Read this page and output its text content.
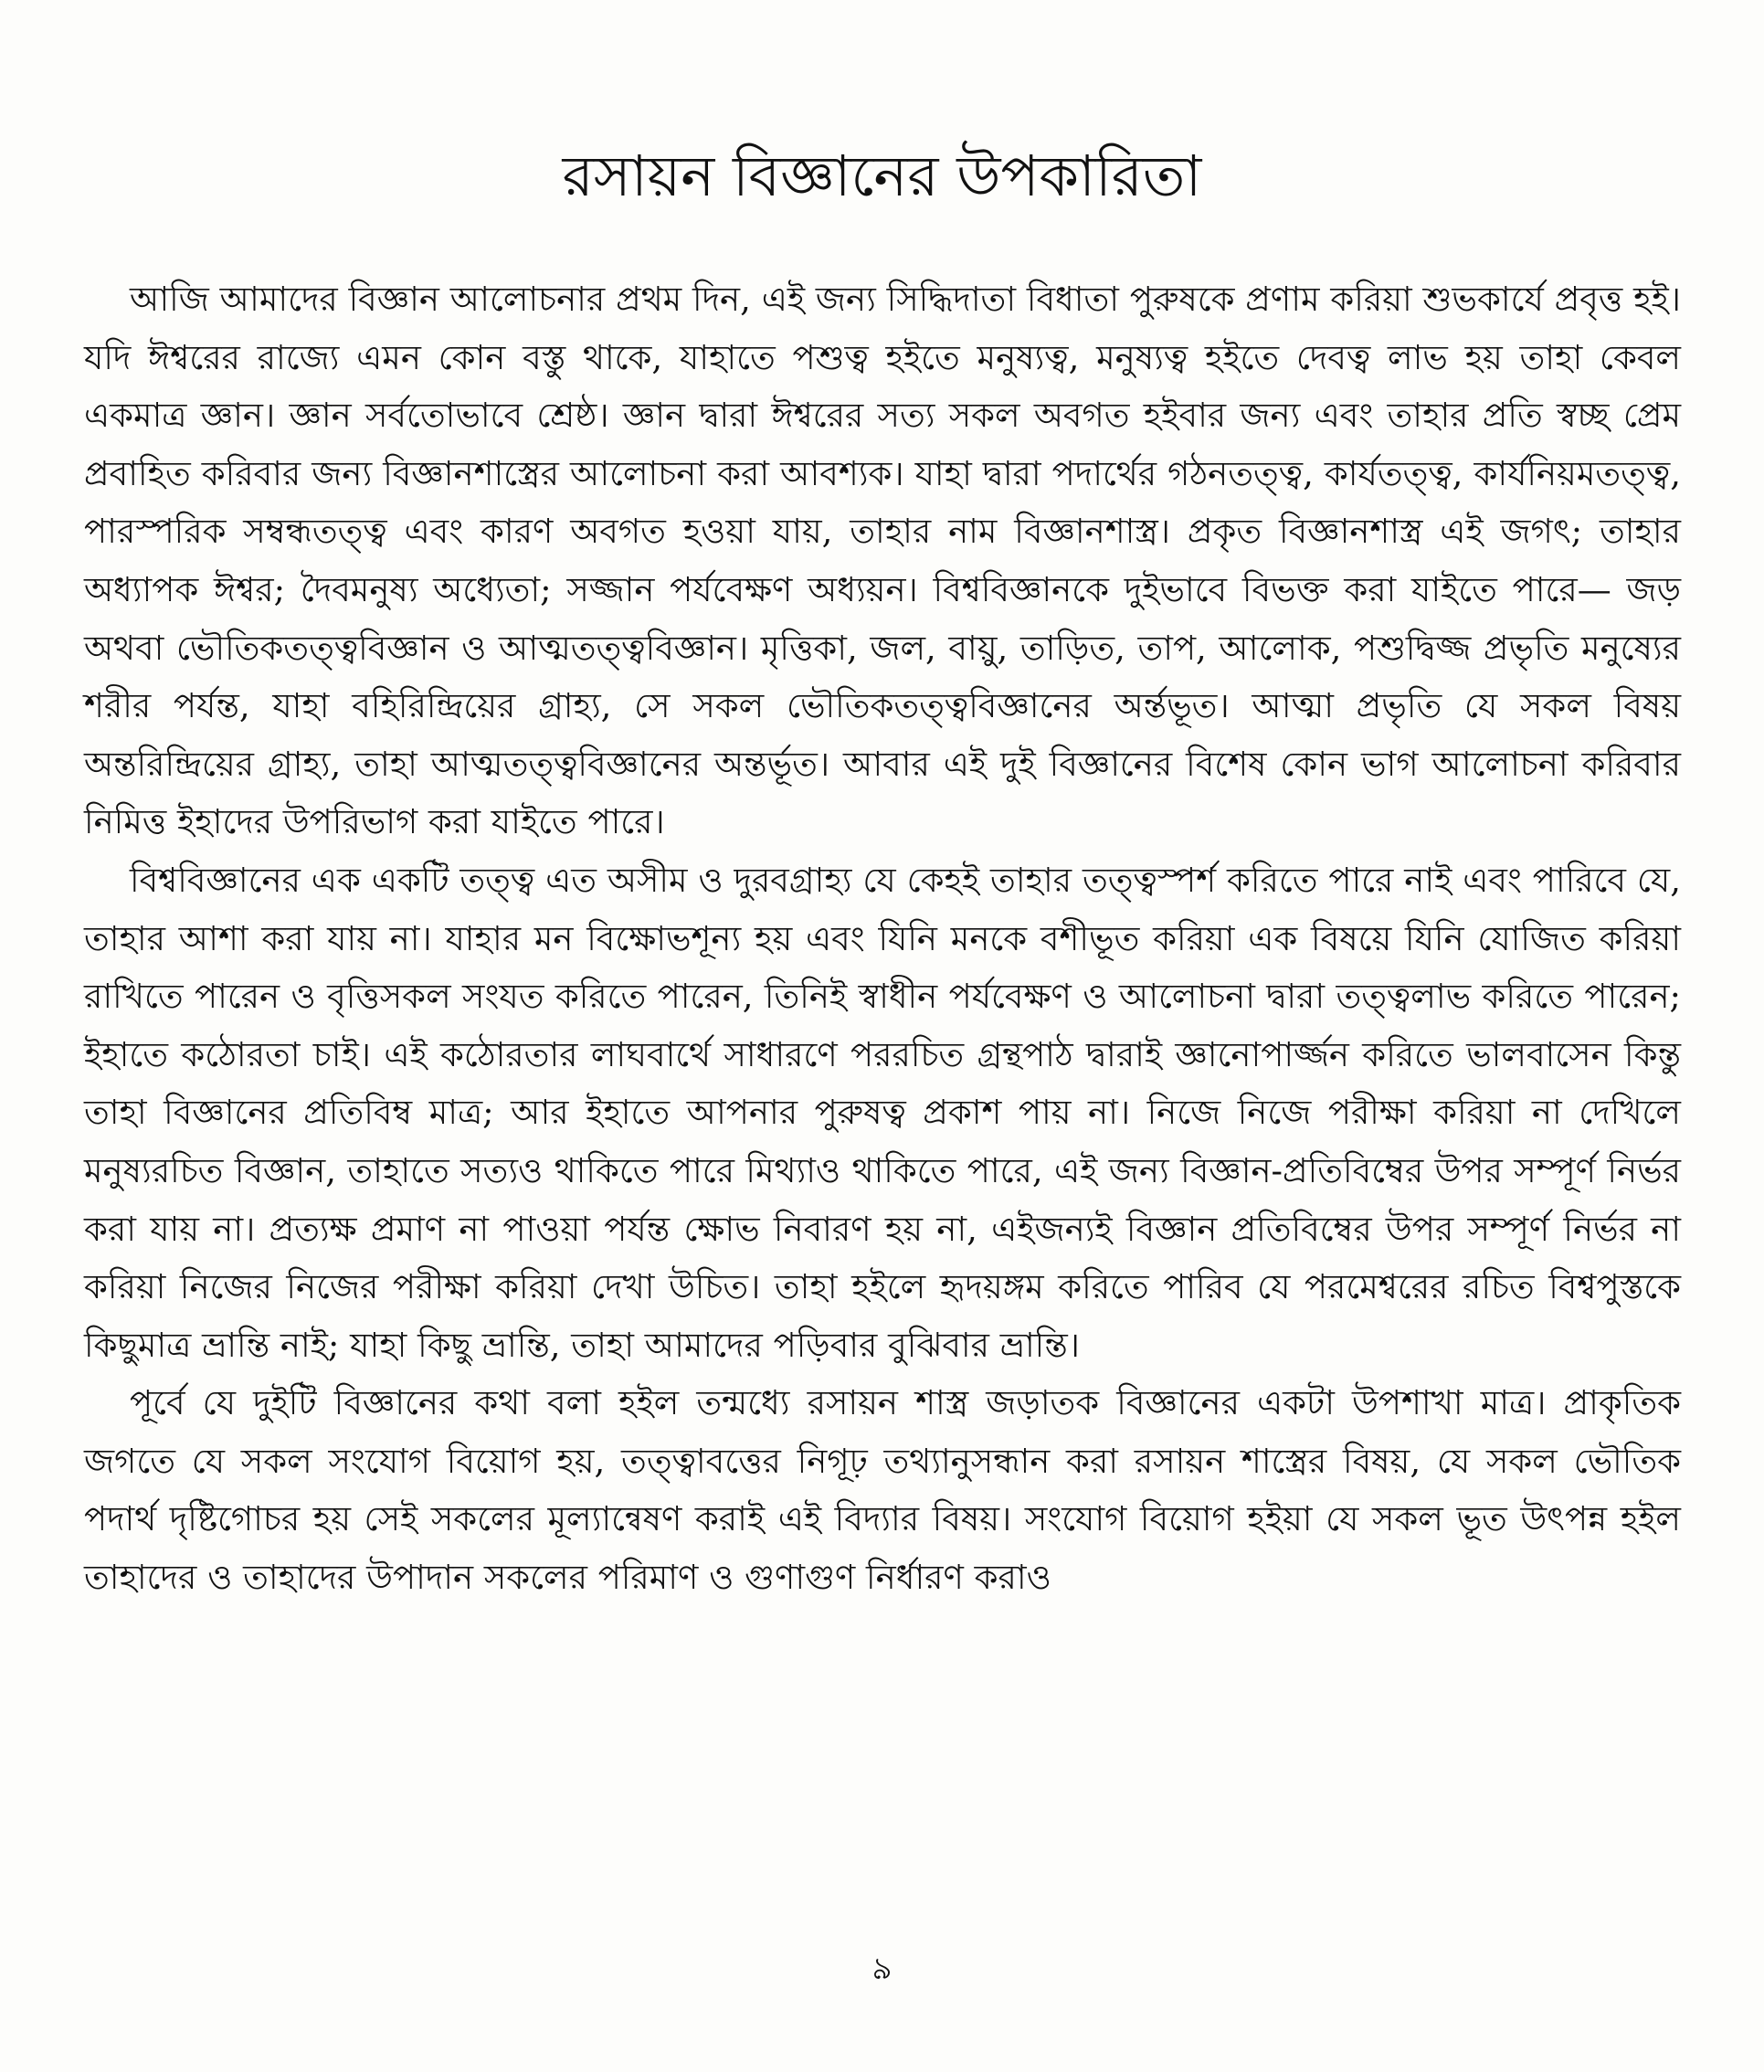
রসায়ন বিজ্ঞানের উপকারিতা

আজি আমাদের বিজ্ঞান আলোচনার প্রথম দিন, এই জন্য সিদ্ধিদাতা বিধাতা পুরুষকে প্রণাম করিয়া শুভকার্যে প্রবৃত্ত হই। যদি ঈশ্বরের রাজ্যে এমন কোন বস্তু থাকে, যাহাতে পশুত্ব হইতে মনুষ্যত্ব, মনুষ্যত্ব হইতে দেবত্ব লাভ হয় তাহা কেবল একমাত্র জ্ঞান। জ্ঞান সর্বতোভাবে শ্রেষ্ঠ। জ্ঞান দ্বারা ঈশ্বরের সত্য সকল অবগত হইবার জন্য এবং তাহার প্রতি স্বচ্ছ প্রেম প্রবাহিত করিবার জন্য বিজ্ঞানশাস্ত্রের আলোচনা করা আবশ্যক। যাহা দ্বারা পদার্থের গঠনতত্ত্ব, কার্যতত্ত্ব, কার্যনিয়মতত্ত্ব, পারস্পরিক সম্বন্ধতত্ত্ব এবং কারণ অবগত হওয়া যায়, তাহার নাম বিজ্ঞানশাস্ত্র। প্রকৃত বিজ্ঞানশাস্ত্র এই জগৎ; তাহার অধ্যাপক ঈশ্বর; দৈবমনুষ্য অধ্যেতা; সজ্জান পর্যবেক্ষণ অধ্যয়ন। বিশ্ববিজ্ঞানকে দুইভাবে বিভক্ত করা যাইতে পারে— জড় অথবা ভৌতিকতত্ত্ববিজ্ঞান ও আত্মতত্ত্ববিজ্ঞান। মৃত্তিকা, জল, বায়ু, তাড়িত, তাপ, আলোক, পশুদ্বিজ্জ প্রভৃতি মনুষ্যের শরীর পর্যন্ত, যাহা বহিরিন্দ্রিয়ের গ্রাহ্য, সে সকল ভৌতিকতত্ত্ববিজ্ঞানের অর্ন্তভূত। আত্মা প্রভৃতি যে সকল বিষয় অন্তরিন্দ্রিয়ের গ্রাহ্য, তাহা আত্মতত্ত্ববিজ্ঞানের অন্তর্ভূত। আবার এই দুই বিজ্ঞানের বিশেষ কোন ভাগ আলোচনা করিবার নিমিত্ত ইহাদের উপরিভাগ করা যাইতে পারে।

বিশ্ববিজ্ঞানের এক একটি তত্ত্ব এত অসীম ও দুরবগ্রাহ্য যে কেহই তাহার তত্ত্বস্পর্শ করিতে পারে নাই এবং পারিবে যে, তাহার আশা করা যায় না। যাহার মন বিক্ষোভশূন্য হয় এবং যিনি মনকে বশীভূত করিয়া এক বিষয়ে যিনি যোজিত করিয়া রাখিতে পারেন ও বৃত্তিসকল সংযত করিতে পারেন, তিনিই স্বাধীন পর্যবেক্ষণ ও আলোচনা দ্বারা তত্ত্বলাভ করিতে পারেন; ইহাতে কঠোরতা চাই। এই কঠোরতার লাঘবার্থে সাধারণে পররচিত গ্রন্থপাঠ দ্বারাই জ্ঞানোপার্জ্জন করিতে ভালবাসেন কিন্তু তাহা বিজ্ঞানের প্রতিবিম্ব মাত্র; আর ইহাতে আপনার পুরুষত্ব প্রকাশ পায় না। নিজে নিজে পরীক্ষা করিয়া না দেখিলে মনুষ্যরচিত বিজ্ঞান, তাহাতে সত্যও থাকিতে পারে মিথ্যাও থাকিতে পারে, এই জন্য বিজ্ঞান-প্রতিবিম্বের উপর সম্পূর্ণ নির্ভর করা যায় না। প্রত্যক্ষ প্রমাণ না পাওয়া পর্যন্ত ক্ষোভ নিবারণ হয় না, এইজন্যই বিজ্ঞান প্রতিবিম্বের উপর সম্পূর্ণ নির্ভর না করিয়া নিজের নিজের পরীক্ষা করিয়া দেখা উচিত। তাহা হইলে হৃদয়ঙ্গম করিতে পারিব যে পরমেশ্বরের রচিত বিশ্বপুস্তকে কিছুমাত্র ভ্রান্তি নাই; যাহা কিছু ভ্রান্তি, তাহা আমাদের পড়িবার বুঝিবার ভ্রান্তি।

পূর্বে যে দুইটি বিজ্ঞানের কথা বলা হইল তন্মধ্যে রসায়ন শাস্ত্র জড়াতক বিজ্ঞানের একটা উপশাখা মাত্র। প্রাকৃতিক জগতে যে সকল সংযোগ বিয়োগ হয়, তত্ত্বাবত্তের নিগূঢ় তথ্যানুসন্ধান করা রসায়ন শাস্ত্রের বিষয়, যে সকল ভৌতিক পদার্থ দৃষ্টিগোচর হয় সেই সকলের মূল্যান্বেষণ করাই এই বিদ্যার বিষয়। সংযোগ বিয়োগ হইয়া যে সকল ভূত উৎপন্ন হইল তাহাদের ও তাহাদের উপাদান সকলের পরিমাণ ও গুণাগুণ নির্ধারণ করাও

৯
